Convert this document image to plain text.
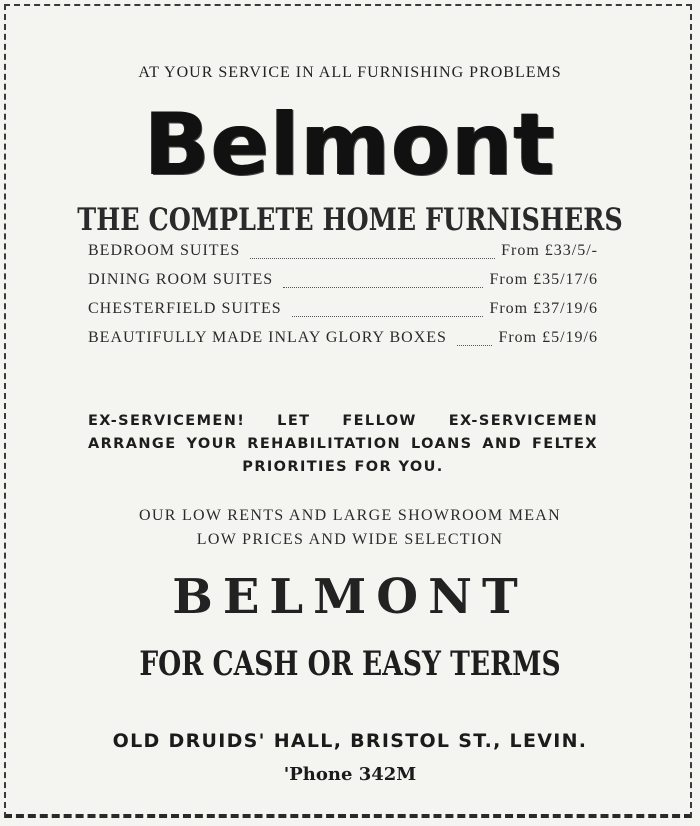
AT YOUR SERVICE IN ALL FURNISHING PROBLEMS
Belmont
THE COMPLETE HOME FURNISHERS
BEDROOM SUITES	From £33/5/-
DINING ROOM SUITES	From £35/17/6
CHESTERFIELD SUITES	From £37/19/6
BEAUTIFULLY MADE INLAY GLORY BOXES	From £5/19/6
EX-SERVICEMEN! LET FELLOW EX-SERVICEMEN ARRANGE YOUR REHABILITATION LOANS AND FELTEX PRIORITIES FOR YOU.
OUR LOW RENTS AND LARGE SHOWROOM MEAN
LOW PRICES AND WIDE SELECTION
BELMONT
FOR CASH OR EASY TERMS
OLD DRUIDS' HALL, BRISTOL ST., LEVIN.
'Phone 342M
